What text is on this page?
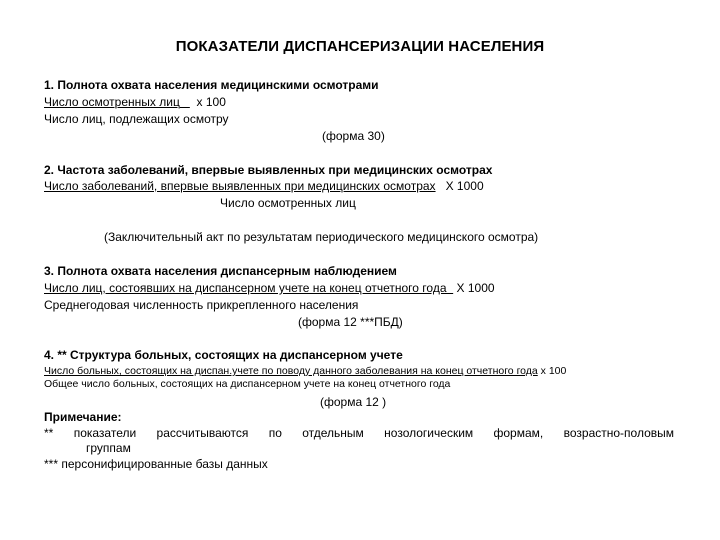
ПОКАЗАТЕЛИ ДИСПАНСЕРИЗАЦИИ НАСЕЛЕНИЯ
1. Полнота охвата населения медицинскими осмотрами
Число осмотренных лиц х 100
Число лиц, подлежащих осмотру
(форма 30)
2. Частота заболеваний, впервые выявленных при медицинских осмотрах
Число заболеваний, впервые выявленных при медицинских осмотрах Х 1000
Число осмотренных лиц
(Заключительный акт по результатам периодического медицинского осмотра)
3. Полнота охвата населения диспансерным наблюдением
Число лиц, состоявших на диспансерном учете на конец отчетного года Х 1000
Среднегодовая численность прикрепленного населения
(форма 12 ***ПБД)
4. ** Структура больных, состоящих на диспансерном учете
Число больных, состоящих на диспан.учете по поводу данного заболевания на конец отчетного года х 100
Общее число больных, состоящих на диспансерном учете на конец отчетного года
(форма 12 )
Примечание:
** показатели рассчитываются по отдельным нозологическим формам, возрастно-половым
группам
*** персонифицированные базы данных
